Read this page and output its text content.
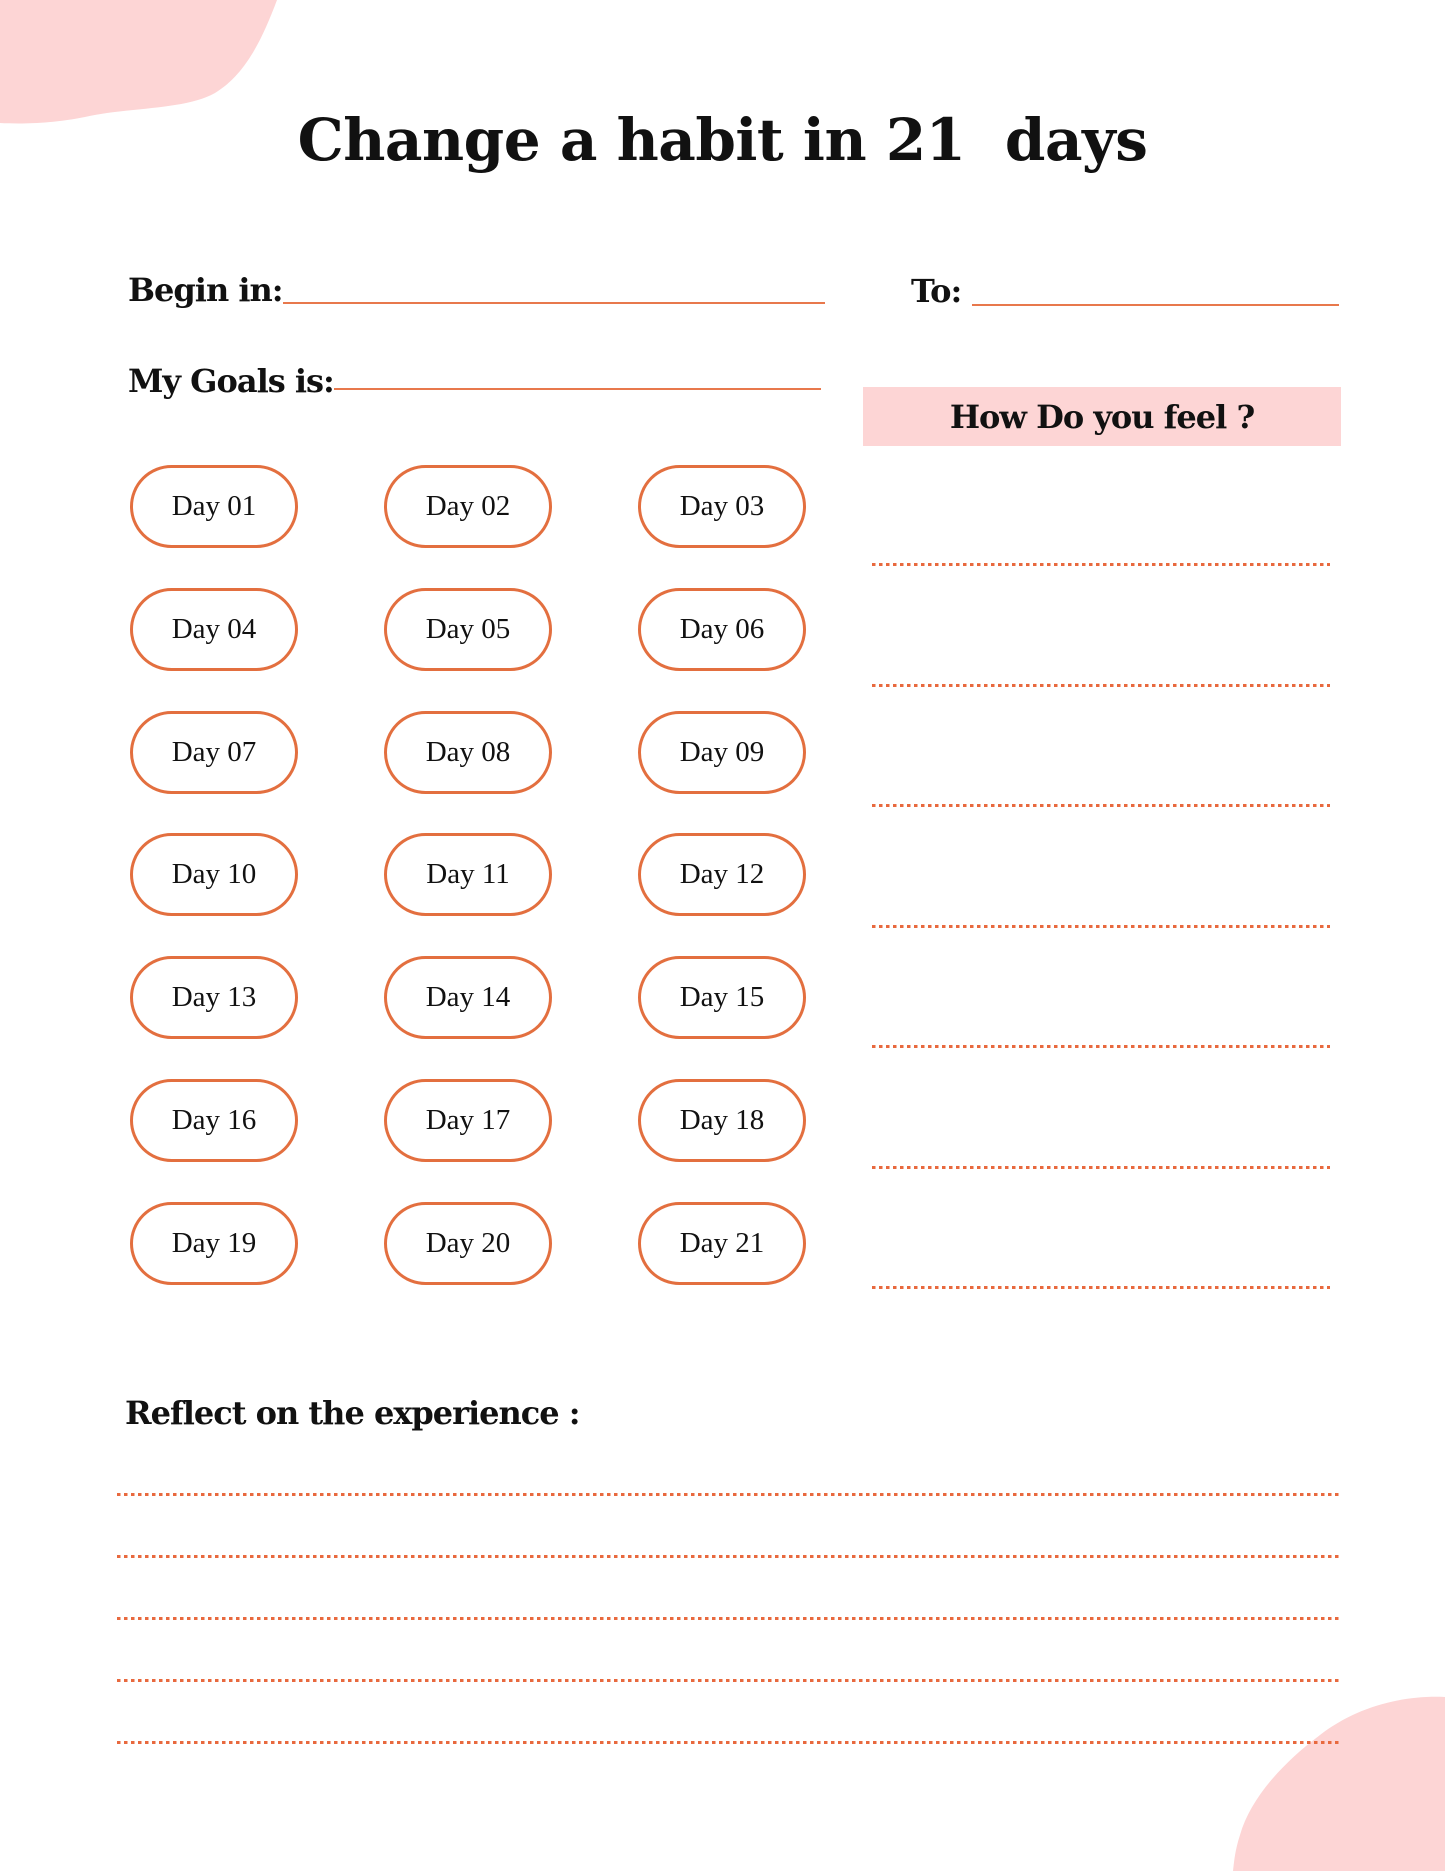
Change a habit in 21  days
Begin in:	To:
My Goals is:
How Do you feel ?
Day 01	Day 02	Day 03
Day 04	Day 05	Day 06
Day 07	Day 08	Day 09
Day 10	Day 11	Day 12
Day 13	Day 14	Day 15
Day 16	Day 17	Day 18
Day 19	Day 20	Day 21
Reflect on the experience :
